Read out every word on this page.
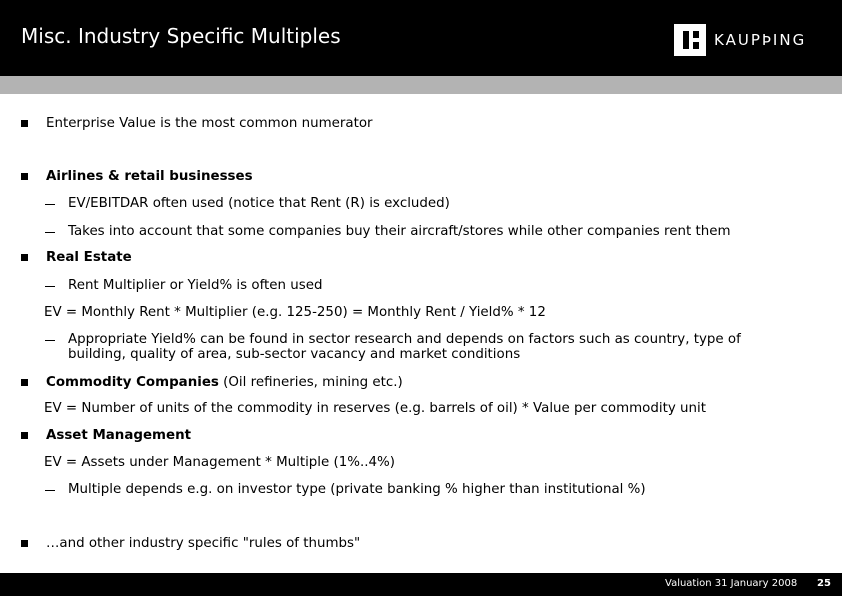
Misc. Industry Specific Multiples	KAUPÞING
Enterprise Value is the most common numerator
Airlines & retail businesses
EV/EBITDAR often used (notice that Rent (R) is excluded)
Takes into account that some companies buy their aircraft/stores while other companies rent them
Real Estate
Rent Multiplier or Yield% is often used
EV = Monthly Rent * Multiplier (e.g. 125-250) = Monthly Rent / Yield% * 12
Appropriate Yield% can be found in sector research and depends on factors such as country, type of
building, quality of area, sub-sector vacancy and market conditions
Commodity Companies (Oil refineries, mining etc.)
EV = Number of units of the commodity in reserves (e.g. barrels of oil) * Value per commodity unit
Asset Management
EV = Assets under Management * Multiple (1%..4%)
Multiple depends e.g. on investor type (private banking % higher than institutional %)
…and other industry specific "rules of thumbs"
Valuation 31 January 2008 25
